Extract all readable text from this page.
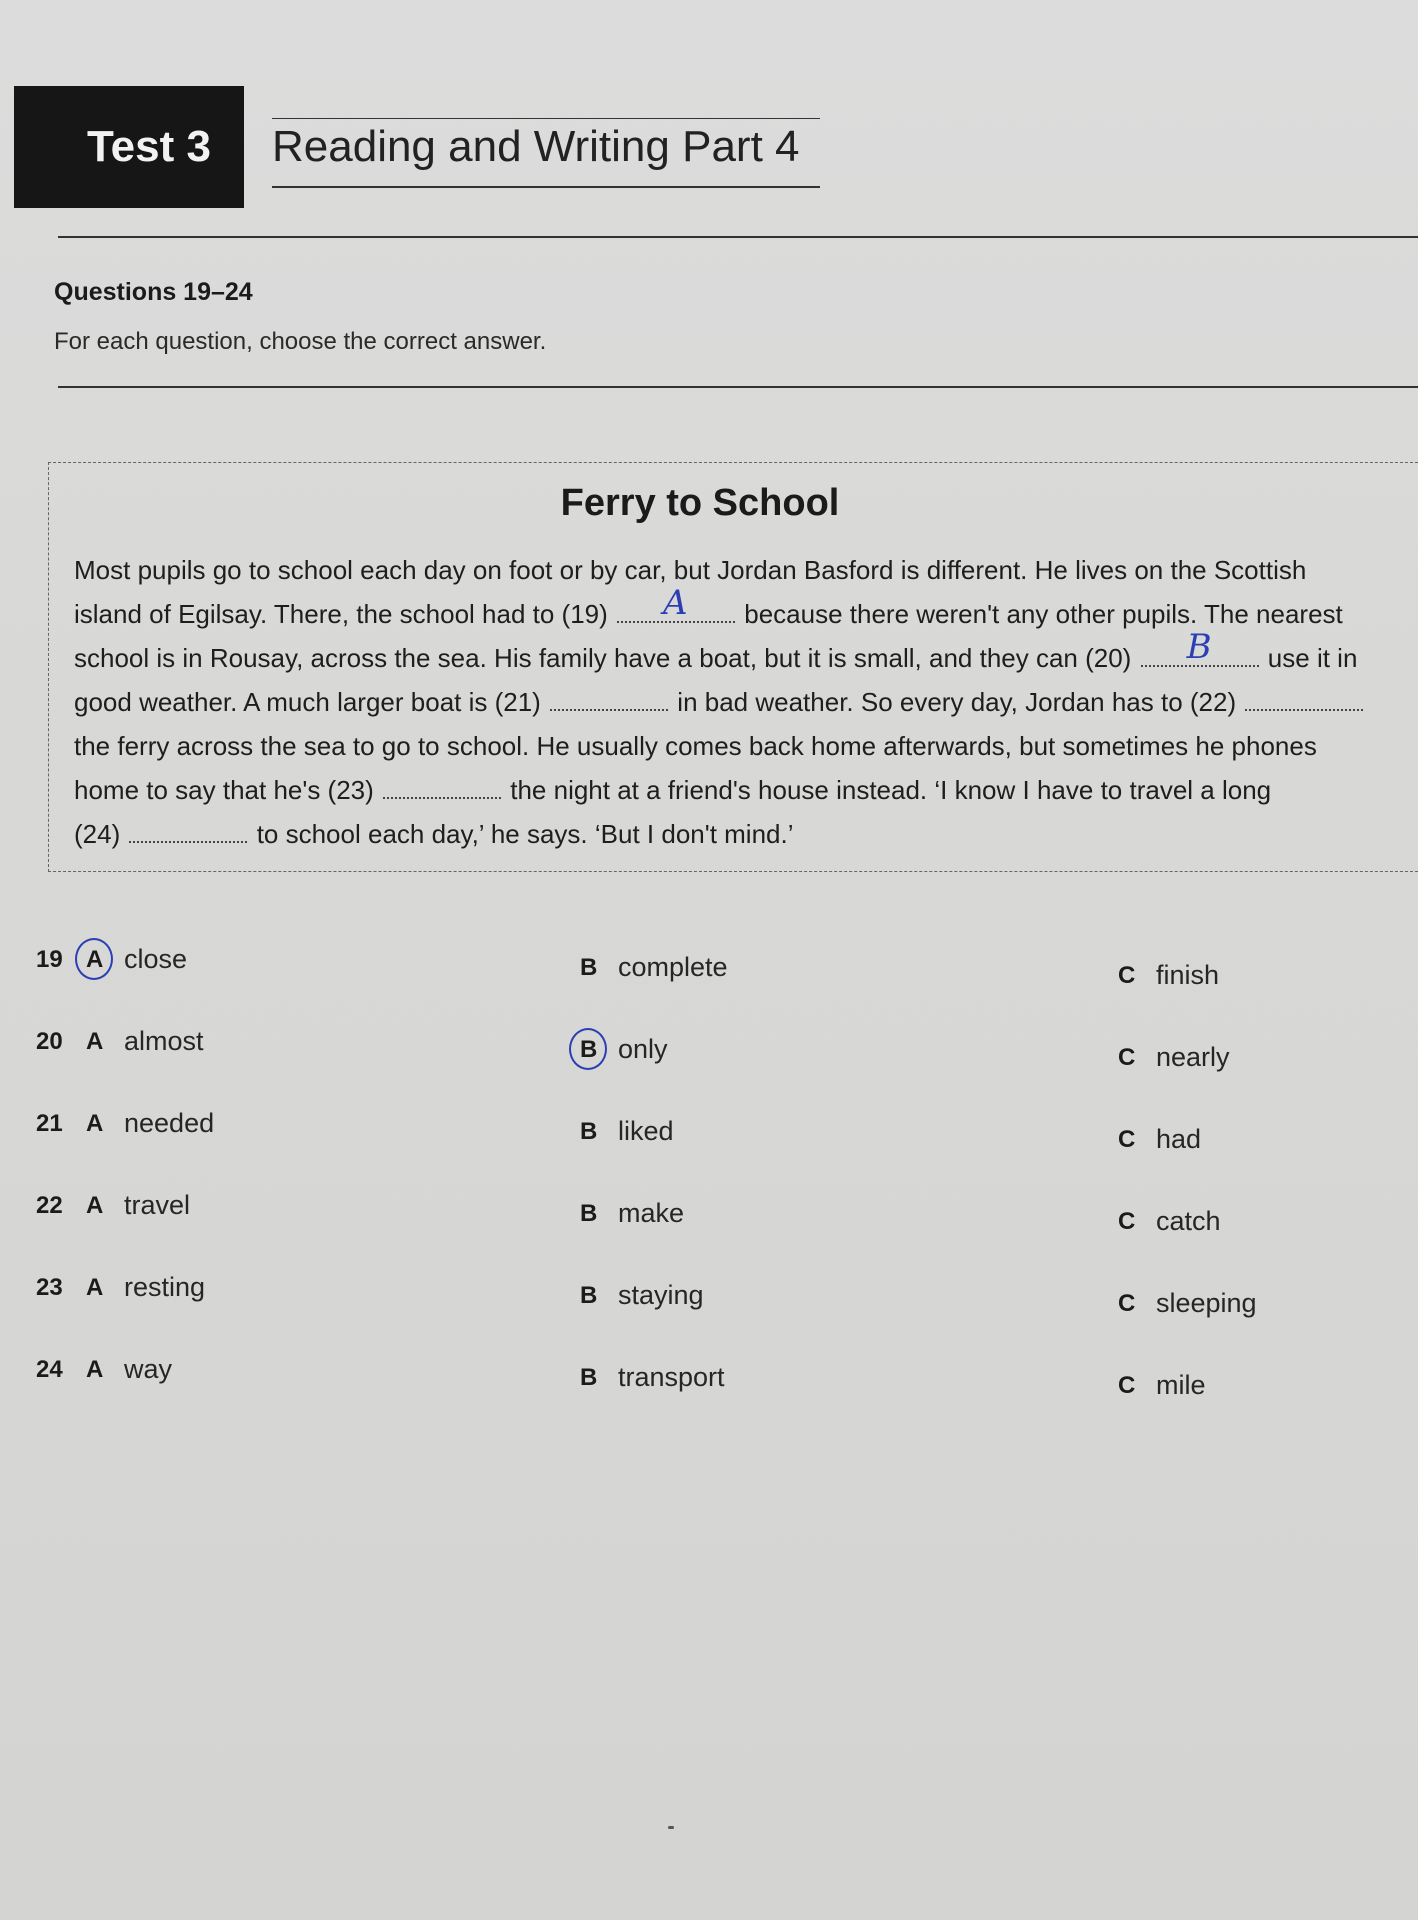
Test 3	Reading and Writing Part 4
Questions 19–24
For each question, choose the correct answer.
Ferry to School
Most pupils go to school each day on foot or by car, but Jordan Basford is different. He lives on the Scottish
island of Egilsay. There, the school had to (19) A because there weren't any other pupils. The nearest
school is in Rousay, across the sea. His family have a boat, but it is small, and they can (20) B use it in
good weather. A much larger boat is (21)	in bad weather. So every day, Jordan has to (22)
the ferry across the sea to go to school. He usually comes back home afterwards, but sometimes he phones
home to say that he's (23)	the night at a friend's house instead. ‘I know I have to travel a long
(24)	to school each day,’ he says. ‘But I don't mind.’
19 A close	B complete	C finish
20 A almost	B only	C nearly
21 A needed	B liked	C had
22 A travel	B make	C catch
23 A resting	B staying	C sleeping
24 A way	B transport	C mile
